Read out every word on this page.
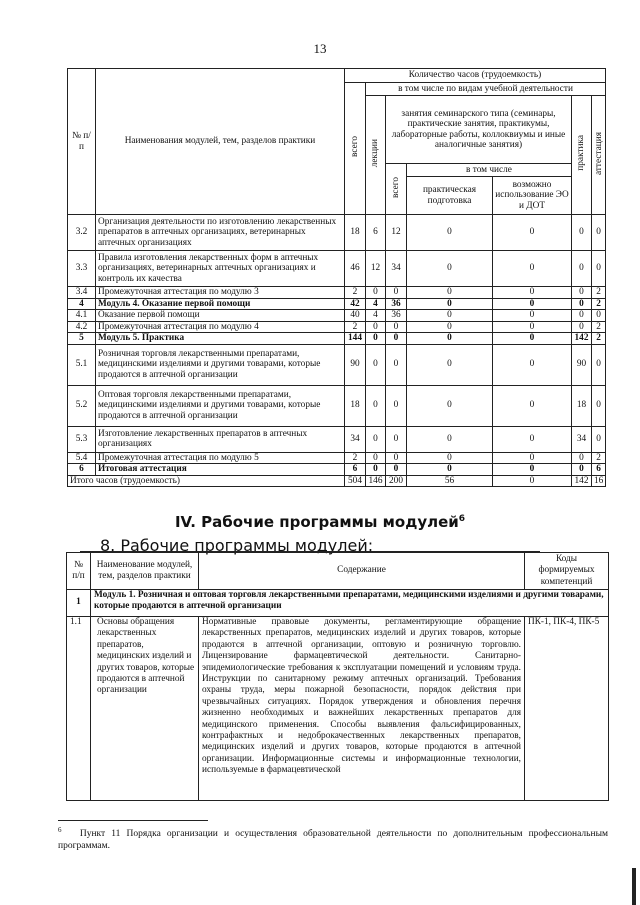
13
№ п/п	Наименования модулей, тем, разделов практики	Количество часов (трудоемкость)						
		всего	в том числе по видам учебной деятельности					
			лекции	занятия семинарского типа (семинары, практические занятия, практикумы, лабораторные работы, коллоквиумы и иные аналогичные занятия)			практика	аттестация
				всего	в том числе			
					практическая подготовка	возможно использование ЭО и ДОТ		
3.2	Организация деятельности по изготовлению лекарственных препаратов в аптечных организациях, ветеринарных аптечных организациях	18	6	12	0	0	0	0
3.3	Правила изготовления лекарственных форм в аптечных организациях, ветеринарных аптечных организациях и контроль их качества	46	12	34	0	0	0	0
3.4	Промежуточная аттестация по модулю 3	2	0	0	0	0	0	2
4	Модуль 4. Оказание первой помощи	42	4	36	0	0	0	2
4.1	Оказание первой помощи	40	4	36	0	0	0	0
4.2	Промежуточная аттестация по модулю 4	2	0	0	0	0	0	2
5	Модуль 5. Практика	144	0	0	0	0	142	2
5.1	Розничная торговля лекарственными препаратами, медицинскими изделиями и другими товарами, которые продаются в аптечной организации	90	0	0	0	0	90	0
5.2	Оптовая торговля лекарственными препаратами, медицинскими изделиями и другими товарами, которые продаются в аптечной организации	18	0	0	0	0	18	0
5.3	Изготовление лекарственных препаратов в аптечных организациях	34	0	0	0	0	34	0
5.4	Промежуточная аттестация по модулю 5	2	0	0	0	0	0	2
6	Итоговая аттестация	6	0	0	0	0	0	6
Итого часов (трудоемкость)		504	146	200	56	0	142	16
IV. Рабочие программы модулей$^6$
8. Рабочие программы модулей:
№ п/п	Наименование модулей, тем, разделов практики	Содержание	Коды формируемых компетенций
1	Модуль 1. Розничная и оптовая торговля лекарственными препаратами, медицинскими изделиями и другими товарами, которые продаются в аптечной организации		
1.1	Основы обращения лекарственных препаратов, медицинских изделий и других товаров, которые продаются в аптечной организации	Нормативные правовые документы, регламентирующие обращение лекарственных препаратов, медицинских изделий и других товаров, которые продаются в аптечной организации, оптовую и розничную торговлю. Лицензирование фармацевтической деятельности. Санитарно-эпидемиологические требования к эксплуатации помещений и условиям труда. Инструкции по санитарному режиму аптечных организаций. Требования охраны труда, меры пожарной безопасности, порядок действия при чрезвычайных ситуациях. Порядок утверждения и обновления перечня жизненно необходимых и важнейших лекарственных препаратов для медицинского применения. Способы выявления фальсифицированных, контрафактных и недоброкачественных лекарственных препаратов, медицинских изделий и других товаров, которые продаются в аптечной организации. Информационные системы и информационные технологии, используемые в фармацевтической	ПК-1, ПК-4, ПК-5
$^6$ Пункт 11 Порядка организации и осуществления образовательной деятельности по дополнительным профессиональным программам.
